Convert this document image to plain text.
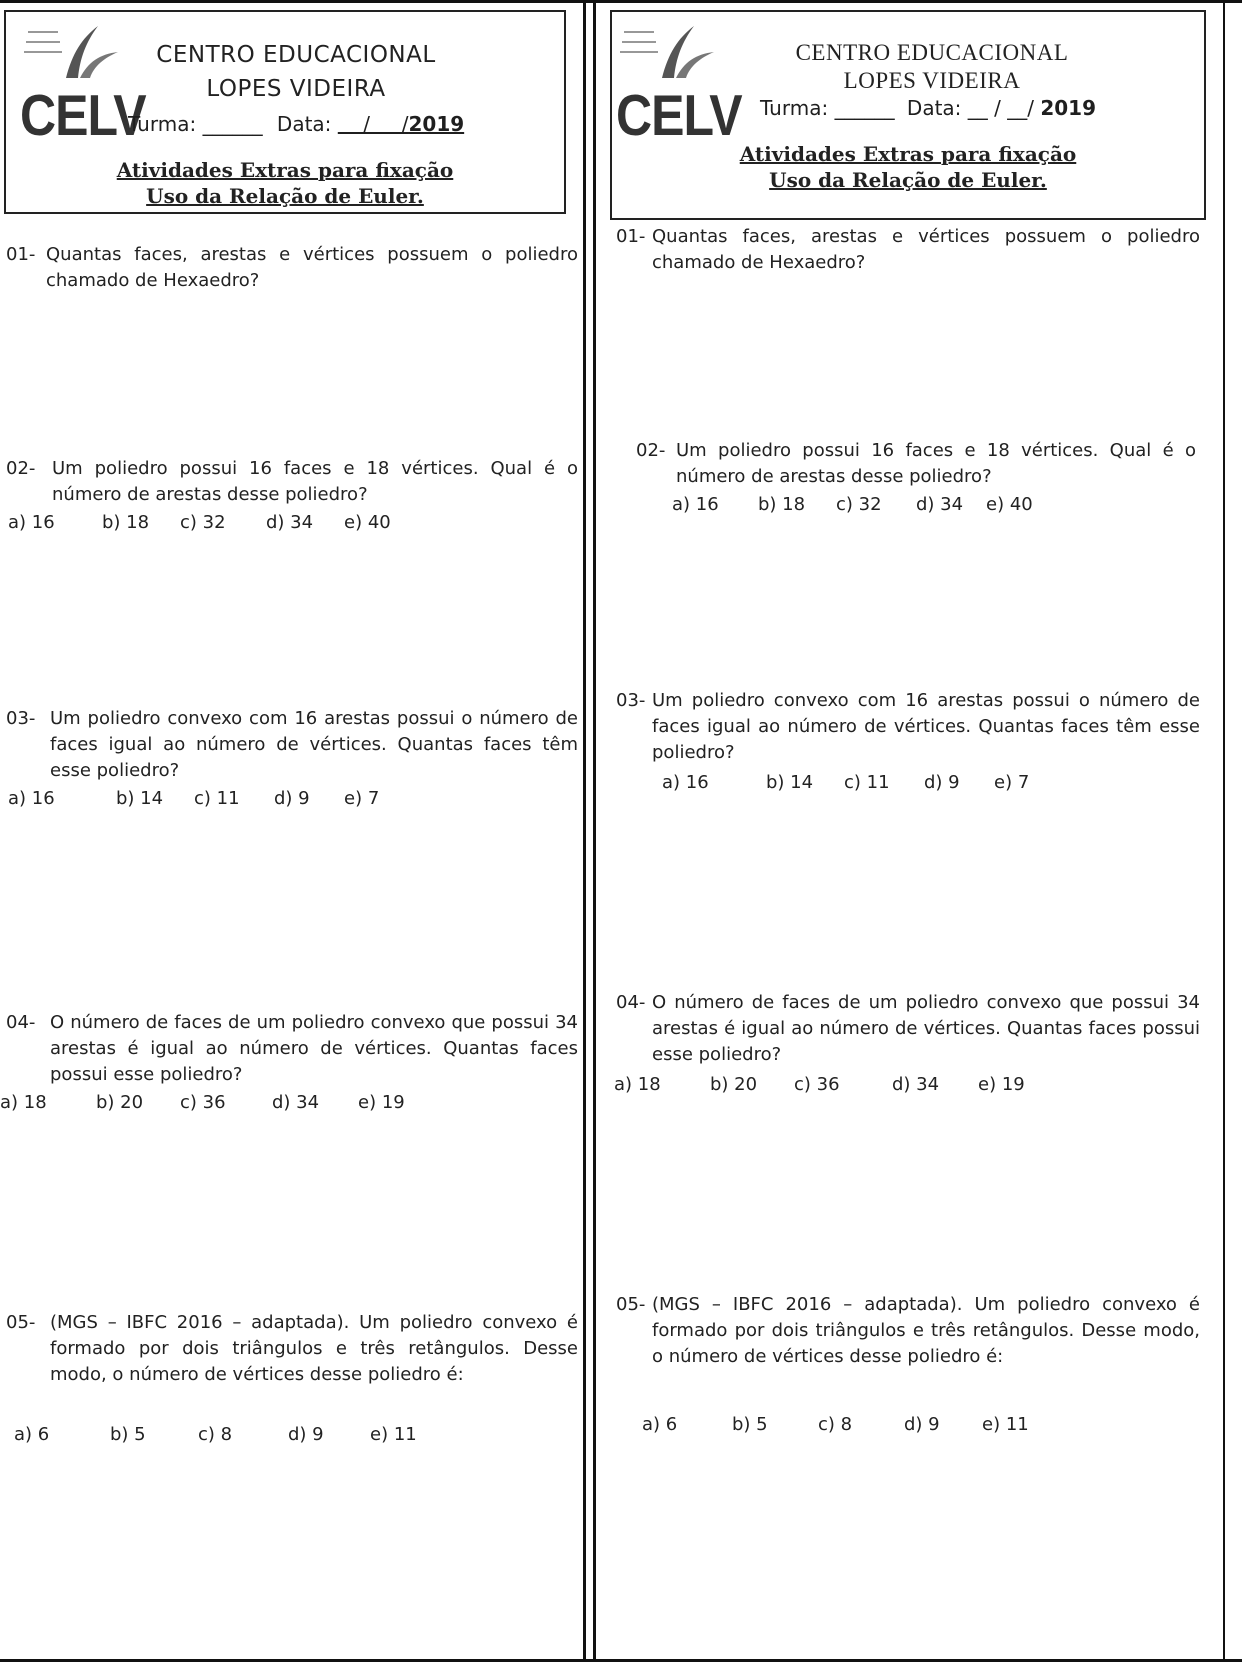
CELV
CENTRO EDUCACIONAL
LOPES VIDEIRA
Turma: ______ Data:     /     /2019
Atividades Extras para fixação
Uso da Relação de Euler.
01- Quantas faces, arestas e vértices possuem o poliedro chamado de Hexaedro?
02- Um poliedro possui 16 faces e 18 vértices. Qual é o número de arestas desse poliedro?
a) 16	b) 18 c) 32 d) 34 e) 40
03- Um poliedro convexo com 16 arestas possui o número de faces igual ao número de vértices. Quantas faces têm esse poliedro?
a) 16	b) 14 c) 11 d) 9 e) 7
04- O número de faces de um poliedro convexo que possui 34 arestas é igual ao número de vértices. Quantas faces possui esse poliedro?
a) 18	b) 20 c) 36	d) 34 e) 19
05- (MGS – IBFC 2016 – adaptada). Um poliedro convexo é formado por dois triângulos e três retângulos. Desse modo, o número de vértices desse poliedro é:
a) 6	b) 5	c) 8	d) 9	e) 11
CELV
CENTRO EDUCACIONAL
LOPES VIDEIRA
Turma: ______ Data: __ / __/ 2019
Atividades Extras para fixação
Uso da Relação de Euler.
01- Quantas faces, arestas e vértices possuem o poliedro chamado de Hexaedro?
02- Um poliedro possui 16 faces e 18 vértices. Qual é o número de arestas desse poliedro?
a) 16 b) 18 c) 32 d) 34 e) 40
03- Um poliedro convexo com 16 arestas possui o número de faces igual ao número de vértices. Quantas faces têm esse poliedro?
a) 16	b) 14 c) 11 d) 9 e) 7
04- O número de faces de um poliedro convexo que possui 34 arestas é igual ao número de vértices. Quantas faces possui esse poliedro?
a) 18	b) 20 c) 36	d) 34 e) 19
05- (MGS – IBFC 2016 – adaptada). Um poliedro convexo é formado por dois triângulos e três retângulos. Desse modo, o número de vértices desse poliedro é:
a) 6	b) 5	c) 8	d) 9 e) 11
